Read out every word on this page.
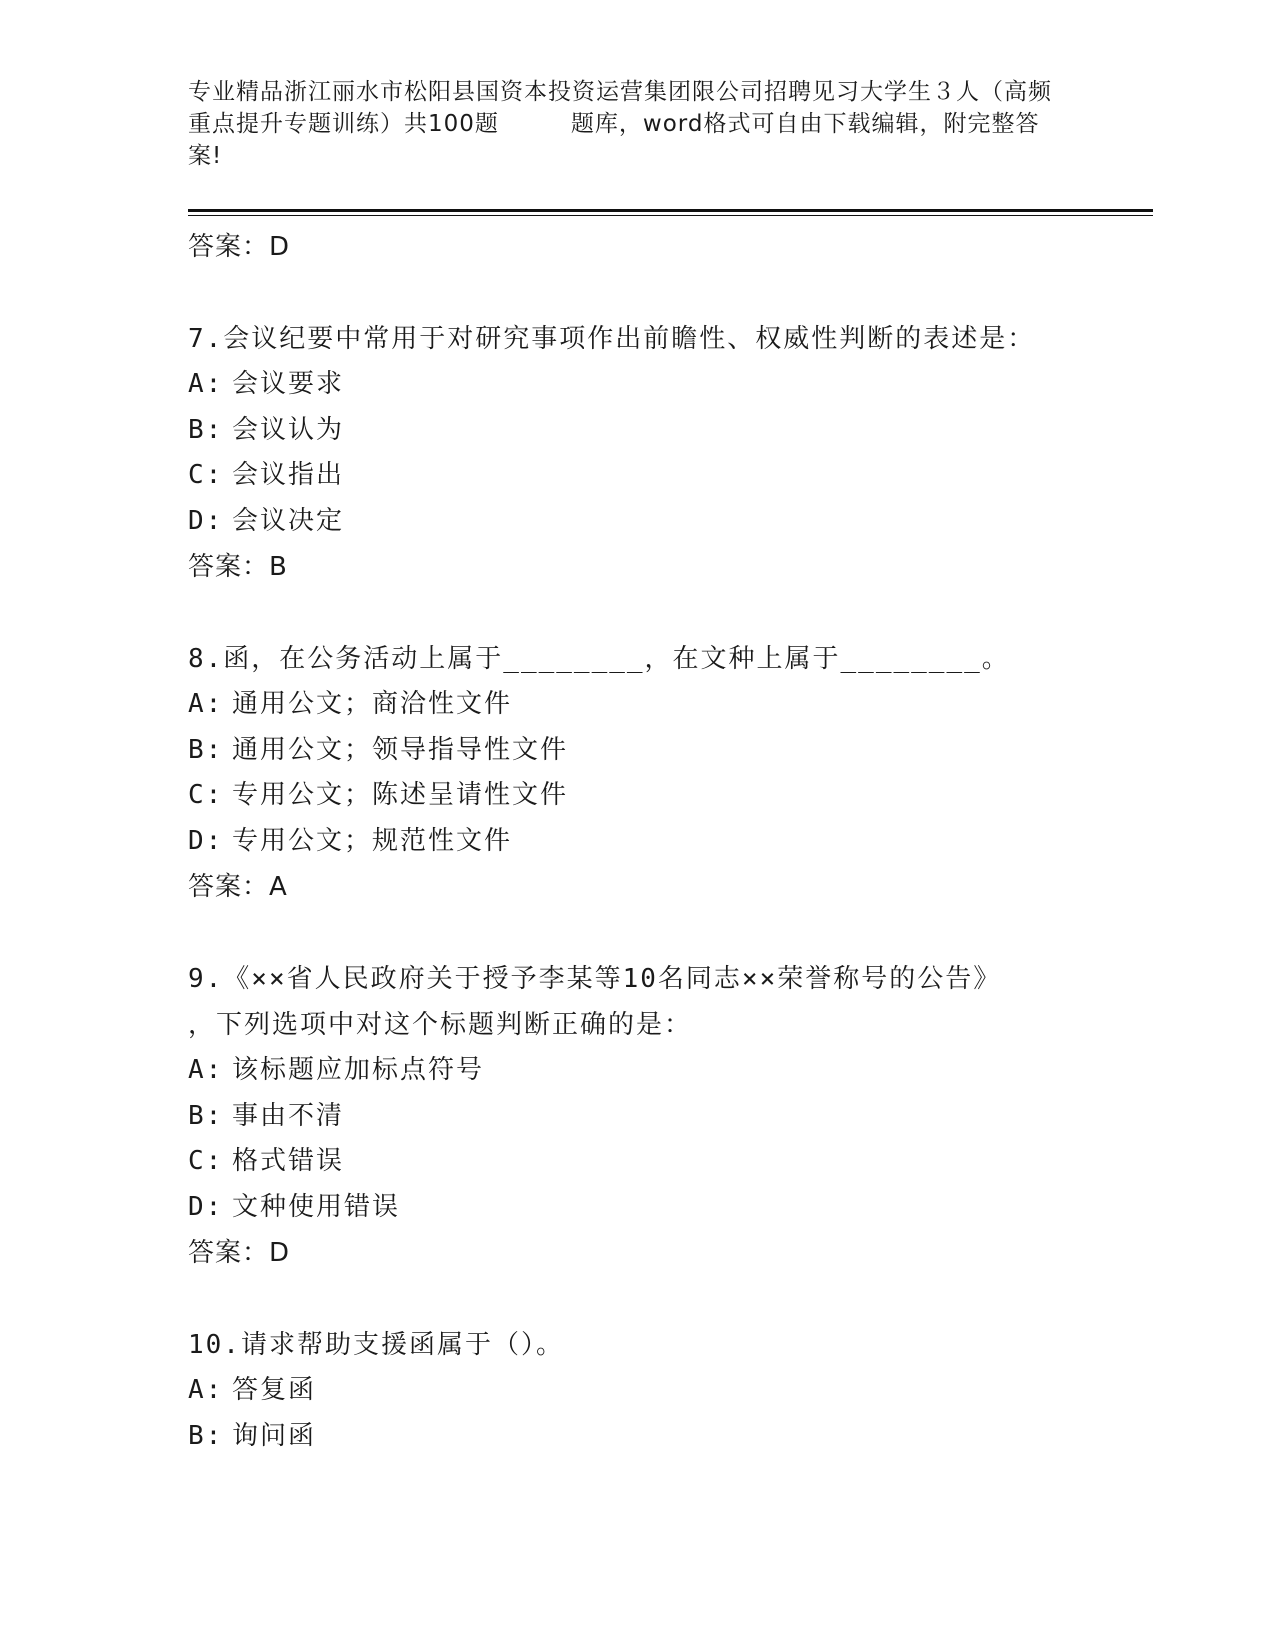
专业精品浙江丽水市松阳县国资本投资运营集团限公司招聘见习大学生３人（高频
重点提升专题训练）共100题	题库，word格式可自由下载编辑，附完整答
案!
答案：D
7.会议纪要中常用于对研究事项作出前瞻性、权威性判断的表述是：
A: 会议要求
B: 会议认为
C: 会议指出
D: 会议决定
答案：B
8.函，在公务活动上属于________，在文种上属于________。
A: 通用公文；商洽性文件
B: 通用公文；领导指导性文件
C: 专用公文；陈述呈请性文件
D: 专用公文；规范性文件
答案：A
9.《××省人民政府关于授予李某等10名同志××荣誉称号的公告》
，下列选项中对这个标题判断正确的是：
A: 该标题应加标点符号
B: 事由不清
C: 格式错误
D: 文种使用错误
答案：D
10.请求帮助支援函属于（）。
A: 答复函
B: 询问函
